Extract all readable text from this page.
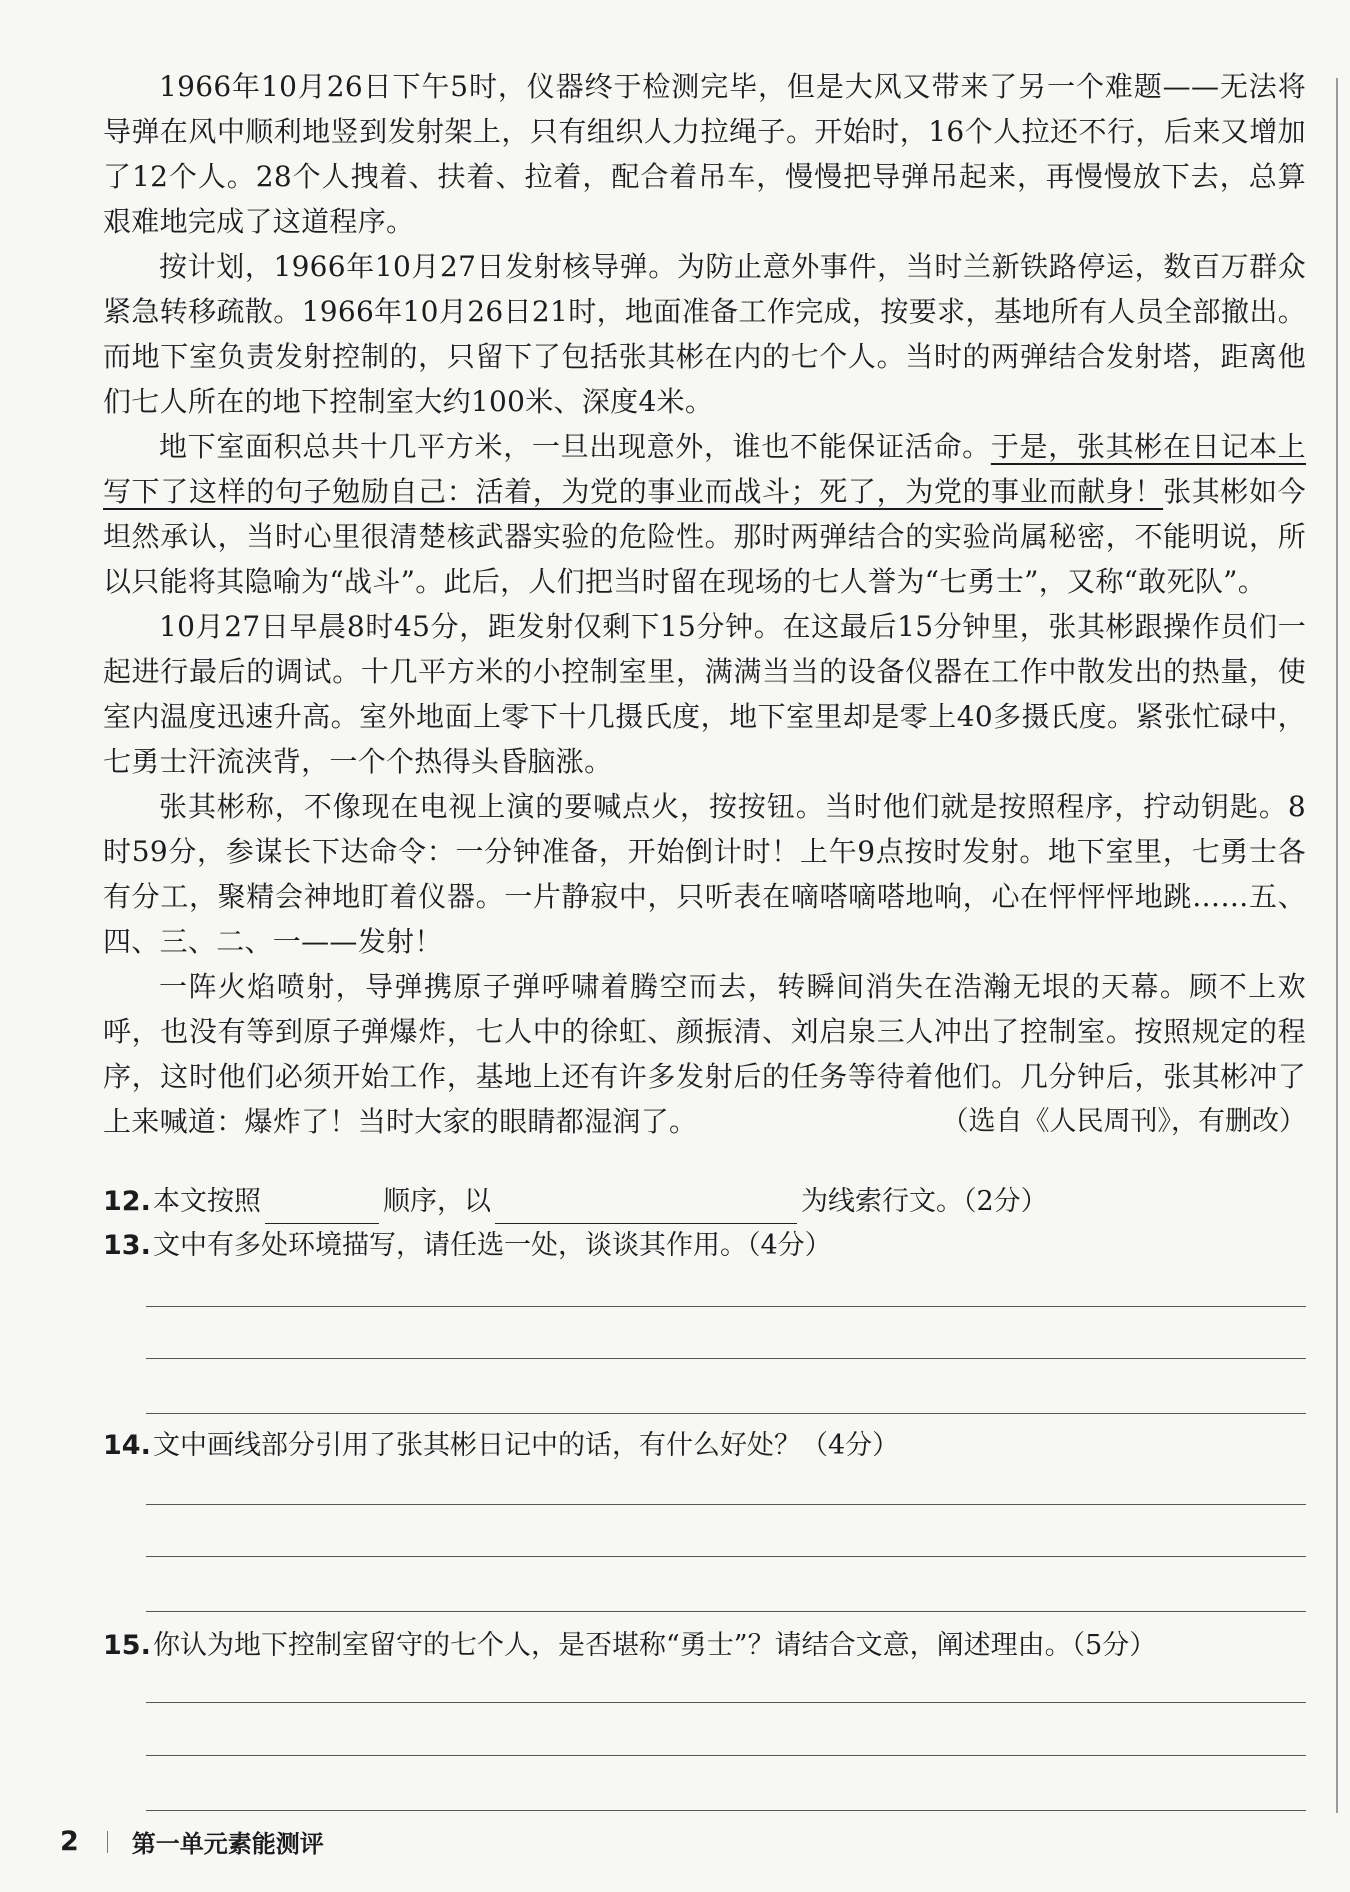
1966年10月26日下午5时，仪器终于检测完毕，但是大风又带来了另一个难题——无法将导弹在风中顺利地竖到发射架上，只有组织人力拉绳子。开始时，16个人拉还不行，后来又增加了12个人。28个人拽着、扶着、拉着，配合着吊车，慢慢把导弹吊起来，再慢慢放下去，总算艰难地完成了这道程序。

按计划，1966年10月27日发射核导弹。为防止意外事件，当时兰新铁路停运，数百万群众紧急转移疏散。1966年10月26日21时，地面准备工作完成，按要求，基地所有人员全部撤出。而地下室负责发射控制的，只留下了包括张其彬在内的七个人。当时的两弹结合发射塔，距离他们七人所在的地下控制室大约100米、深度4米。

地下室面积总共十几平方米，一旦出现意外，谁也不能保证活命。于是，张其彬在日记本上写下了这样的句子勉励自己：活着，为党的事业而战斗；死了，为党的事业而献身！张其彬如今坦然承认，当时心里很清楚核武器实验的危险性。那时两弹结合的实验尚属秘密，不能明说，所以只能将其隐喻为“战斗”。此后，人们把当时留在现场的七人誉为“七勇士”，又称“敢死队”。

10月27日早晨8时45分，距发射仅剩下15分钟。在这最后15分钟里，张其彬跟操作员们一起进行最后的调试。十几平方米的小控制室里，满满当当的设备仪器在工作中散发出的热量，使室内温度迅速升高。室外地面上零下十几摄氏度，地下室里却是零上40多摄氏度。紧张忙碌中，七勇士汗流浃背，一个个热得头昏脑涨。

张其彬称，不像现在电视上演的要喊点火，按按钮。当时他们就是按照程序，拧动钥匙。8时59分，参谋长下达命令：一分钟准备，开始倒计时！上午9点按时发射。地下室里，七勇士各有分工，聚精会神地盯着仪器。一片静寂中，只听表在嘀嗒嘀嗒地响，心在怦怦怦地跳……五、四、三、二、一——发射！

一阵火焰喷射，导弹携原子弹呼啸着腾空而去，转瞬间消失在浩瀚无垠的天幕。顾不上欢呼，也没有等到原子弹爆炸，七人中的徐虹、颜振清、刘启泉三人冲出了控制室。按照规定的程序，这时他们必须开始工作，基地上还有许多发射后的任务等待着他们。几分钟后，张其彬冲了上来喊道：爆炸了！当时大家的眼睛都湿润了。	（选自《人民周刊》，有删改）
12. 本文按照	顺序，以	为线索行文。（2分）
13. 文中有多处环境描写，请任选一处，谈谈其作用。（4分）
14. 文中画线部分引用了张其彬日记中的话，有什么好处？（4分）
15. 你认为地下控制室留守的七个人，是否堪称“勇士”？请结合文意，阐述理由。（5分）
2 第一单元素能测评
